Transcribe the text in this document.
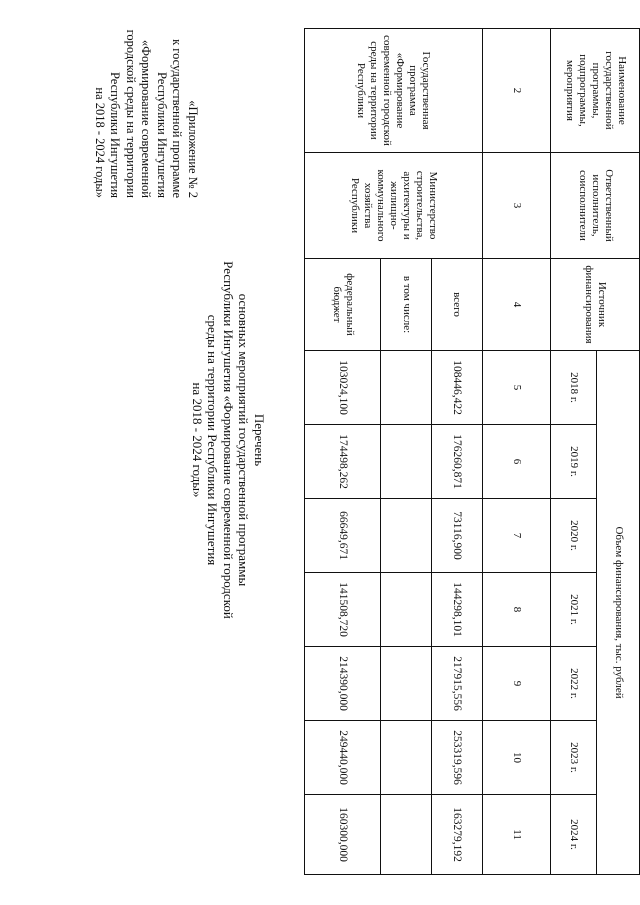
Наименование государственной программы, подпрограммы, мероприятия	Ответственный исполнитель, соисполнители	Источник финансирования	Объем финансирования, тыс. рублей						
			2018 г.	2019 г.	2020 г.	2021 г.	2022 г.	2023 г.	2024 г.
2	3	4	5	6	7	8	9	10	11
Государственная программа «Формирование современной городской среды на территории Республики	Министерство строительства, архитектуры и жилищно-коммунального хозяйства Республики	всего	108446,422	176260,871	73116,900	144298,101	217915,556	253319,596	163279,192
		в том числе:							
		федеральный бюджет	103024,100	174498,262	66649,671	141508,720	214390,000	249440,000	160300,000
Перечень
основных мероприятий государственной программы
Республики Ингушетия «Формирование современной городской
среды на территории Республики Ингушетия
на 2018 - 2024 годы»
«Приложение № 2
к государственной программе
Республики Ингушетия
«Формирование современной
городской среды на территории
Республики Ингушетия
на 2018 - 2024 годы»
